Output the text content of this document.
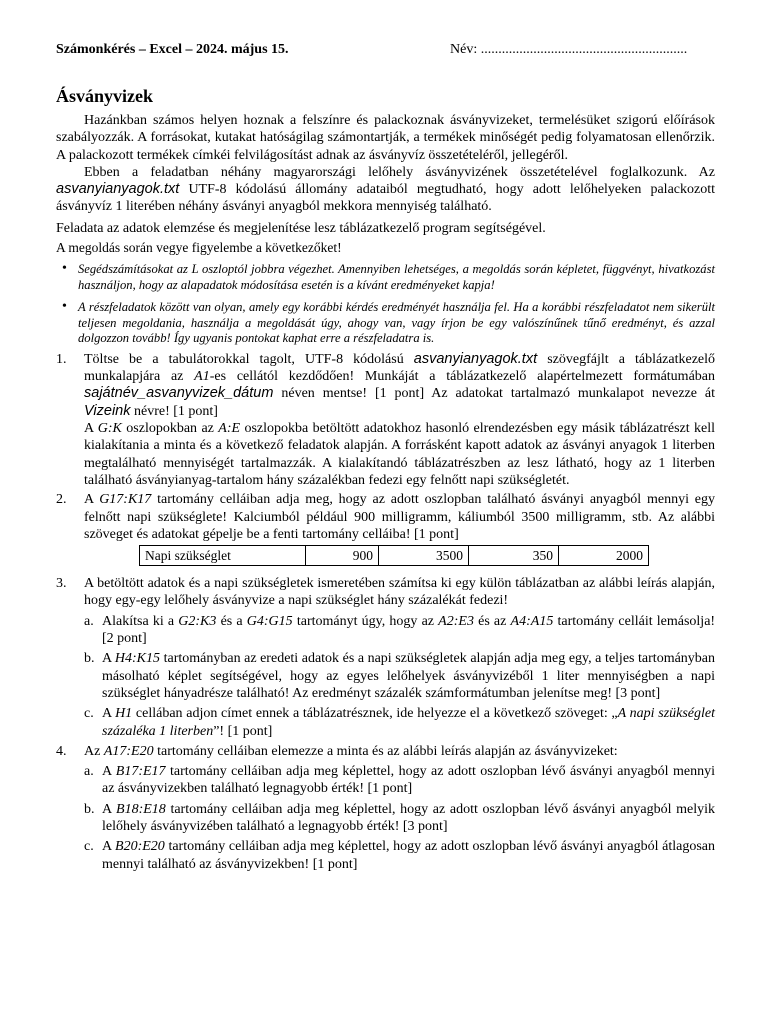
Számonkérés – Excel – 2024. május 15.	Név: ...........................................................
Ásványvizek

Hazánkban számos helyen hoznak a felszínre és palackoznak ásványvizeket, termelésüket szigorú előírások szabályozzák. A forrásokat, kutakat hatóságilag számontartják, a termékek minőségét pedig folyamatosan ellenőrzik. A palackozott termékek címkéi felvilágosítást adnak az ásványvíz összetételéről, jellegéről.

Ebben a feladatban néhány magyarországi lelőhely ásványvizének összetételével foglalkozunk. Az asvanyianyagok.txt UTF-8 kódolású állomány adataiból megtudható, hogy adott lelőhelyeken palackozott ásványvíz 1 literében néhány ásványi anyagból mekkora mennyiség található.

Feladata az adatok elemzése és megjelenítése lesz táblázatkezelő program segítségével.

A megoldás során vegye figyelembe a következőket!

• Segédszámításokat az L oszloptól jobbra végezhet. Amennyiben lehetséges, a megoldás során képletet, függvényt, hivatkozást használjon, hogy az alapadatok módosítása esetén is a kívánt eredményeket kapja!
• A részfeladatok között van olyan, amely egy korábbi kérdés eredményét használja fel. Ha a korábbi részfeladatot nem sikerült teljesen megoldania, használja a megoldását úgy, ahogy van, vagy írjon be egy valószínűnek tűnő eredményt, és azzal dolgozzon tovább! Így ugyanis pontokat kaphat erre a részfeladatra is.
1. Töltse be a tabulátorokkal tagolt, UTF-8 kódolású asvanyianyagok.txt szövegfájlt a táblázatkezelő munkalapjára az A1-es cellától kezdődően! Munkáját a táblázatkezelő alapértelmezett formátumában sajátnév_asvanyvizek_dátum néven mentse! [1 pont] Az adatokat tartalmazó munkalapot nevezze át Vizeink névre! [1 pont]
A G:K oszlopokban az A:E oszlopokba betöltött adatokhoz hasonló elrendezésben egy másik táblázatrészt kell kialakítania a minta és a következő feladatok alapján. A forrásként kapott adatok az ásványi anyagok 1 literben megtalálható mennyiségét tartalmazzák. A kialakítandó táblázatrészben az lesz látható, hogy az 1 literben található ásványianyag-tartalom hány százalékban fedezi egy felnőtt napi szükségletét.
2. A G17:K17 tartomány celláiban adja meg, hogy az adott oszlopban található ásványi anyagból mennyi egy felnőtt napi szükséglete! Kalciumból például 900 milligramm, káliumból 3500 milligramm, stb. Az alábbi szöveget és adatokat gépelje be a fenti tartomány celláiba! [1 pont]
Napi szükséglet	900	3500	350	2000
3. A betöltött adatok és a napi szükségletek ismeretében számítsa ki egy külön táblázatban az alábbi leírás alapján, hogy egy-egy lelőhely ásványvize a napi szükséglet hány százalékát fedezi!
a. Alakítsa ki a G2:K3 és a G4:G15 tartományt úgy, hogy az A2:E3 és az A4:A15 tartomány celláit lemásolja! [2 pont]
b. A H4:K15 tartományban az eredeti adatok és a napi szükségletek alapján adja meg egy, a teljes tartományban másolható képlet segítségével, hogy az egyes lelőhelyek ásványvizéből 1 liter mennyiségben a napi szükséglet hányadrésze található! Az eredményt százalék számformátumban jelenítse meg! [3 pont]
c. A H1 cellában adjon címet ennek a táblázatrésznek, ide helyezze el a következő szöveget: „A napi szükséglet százaléka 1 literben”! [1 pont]
4. Az A17:E20 tartomány celláiban elemezze a minta és az alábbi leírás alapján az ásványvizeket:
a. A B17:E17 tartomány celláiban adja meg képlettel, hogy az adott oszlopban lévő ásványi anyagból mennyi az ásványvizekben található legnagyobb érték! [1 pont]
b. A B18:E18 tartomány celláiban adja meg képlettel, hogy az adott oszlopban lévő ásványi anyagból melyik lelőhely ásványvizében található a legnagyobb érték! [3 pont]
c. A B20:E20 tartomány celláiban adja meg képlettel, hogy az adott oszlopban lévő ásványi anyagból átlagosan mennyi található az ásványvizekben! [1 pont]
